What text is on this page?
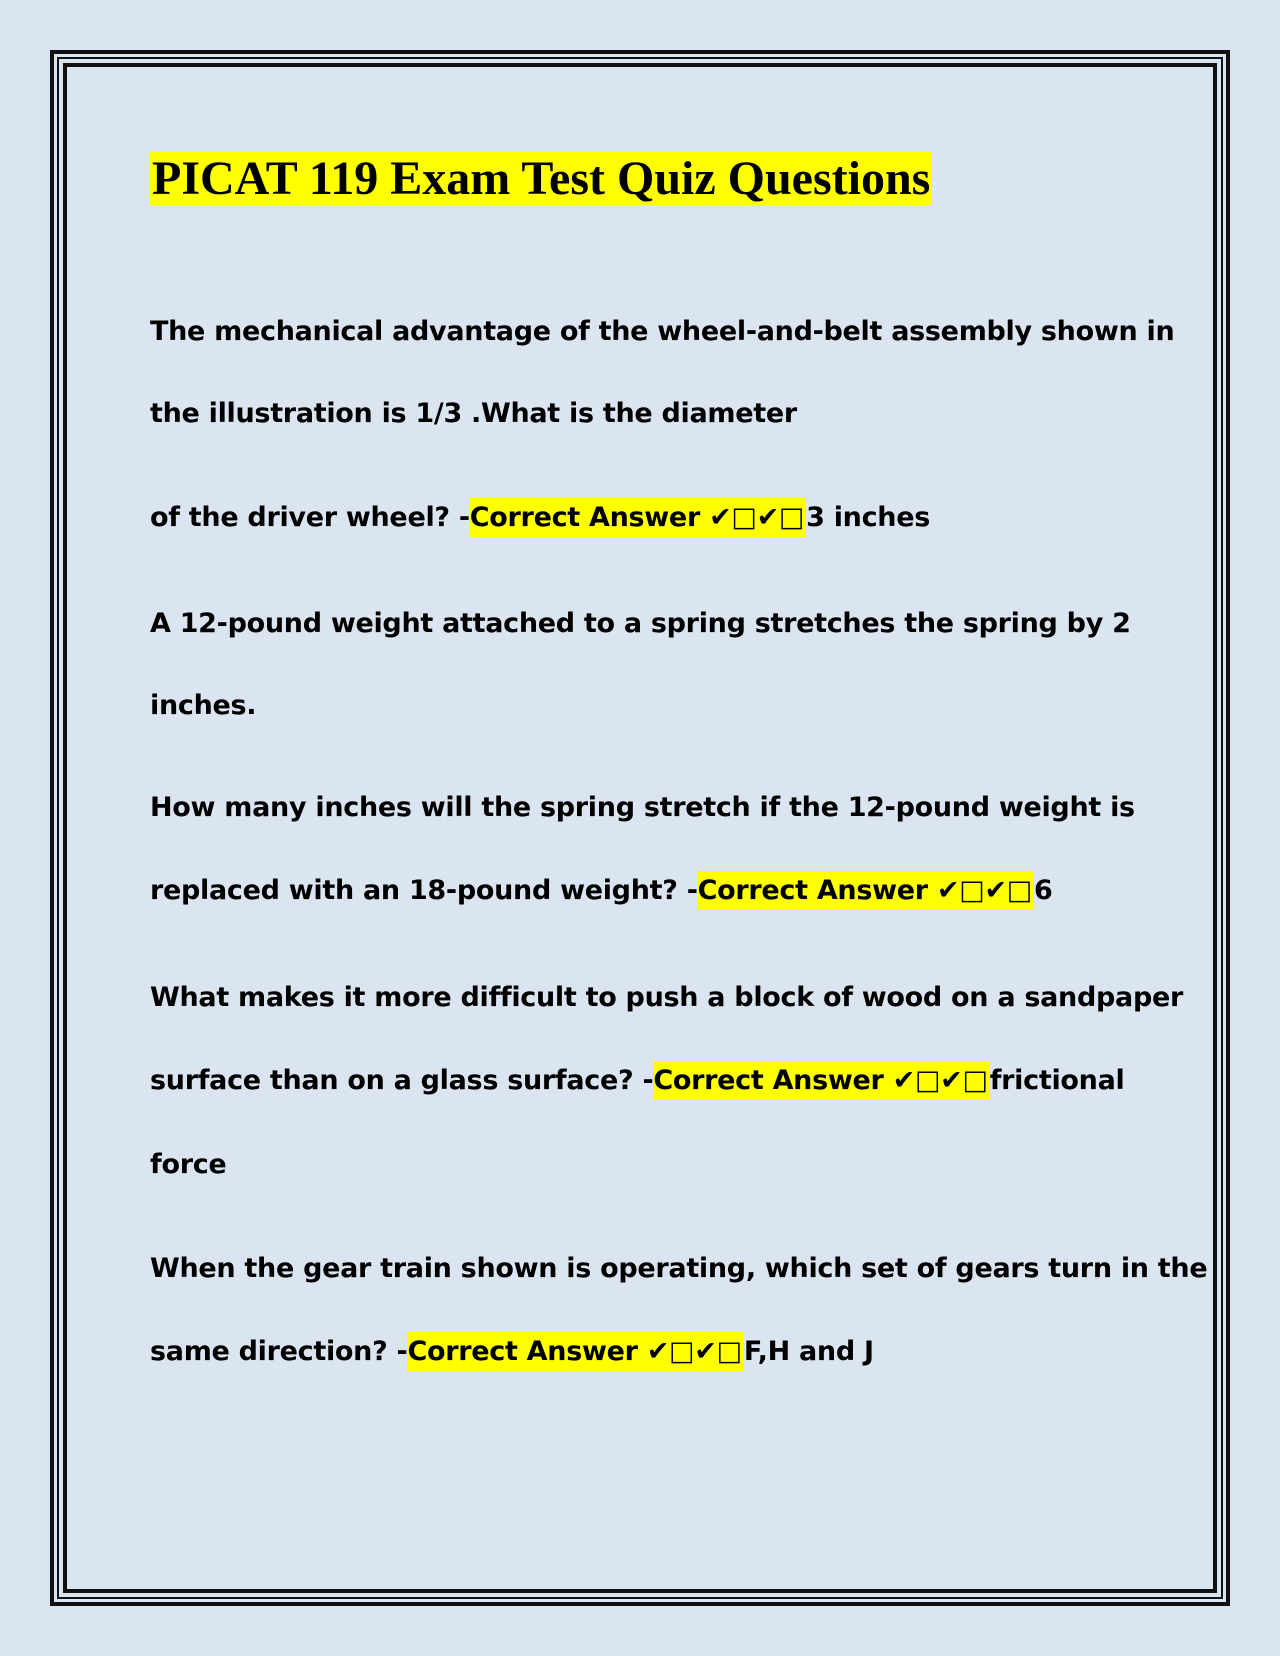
PICAT 119 Exam Test Quiz Questions
The mechanical advantage of the wheel-and-belt assembly shown in
the illustration is 1/3 .What is the diameter
of the driver wheel? -Correct Answer ✔□✔□3 inches
A 12-pound weight attached to a spring stretches the spring by 2
inches.
How many inches will the spring stretch if the 12-pound weight is
replaced with an 18-pound weight? -Correct Answer ✔□✔□6
What makes it more difficult to push a block of wood on a sandpaper
surface than on a glass surface? -Correct Answer ✔□✔□frictional
force
When the gear train shown is operating, which set of gears turn in the
same direction? -Correct Answer ✔□✔□F,H and J
